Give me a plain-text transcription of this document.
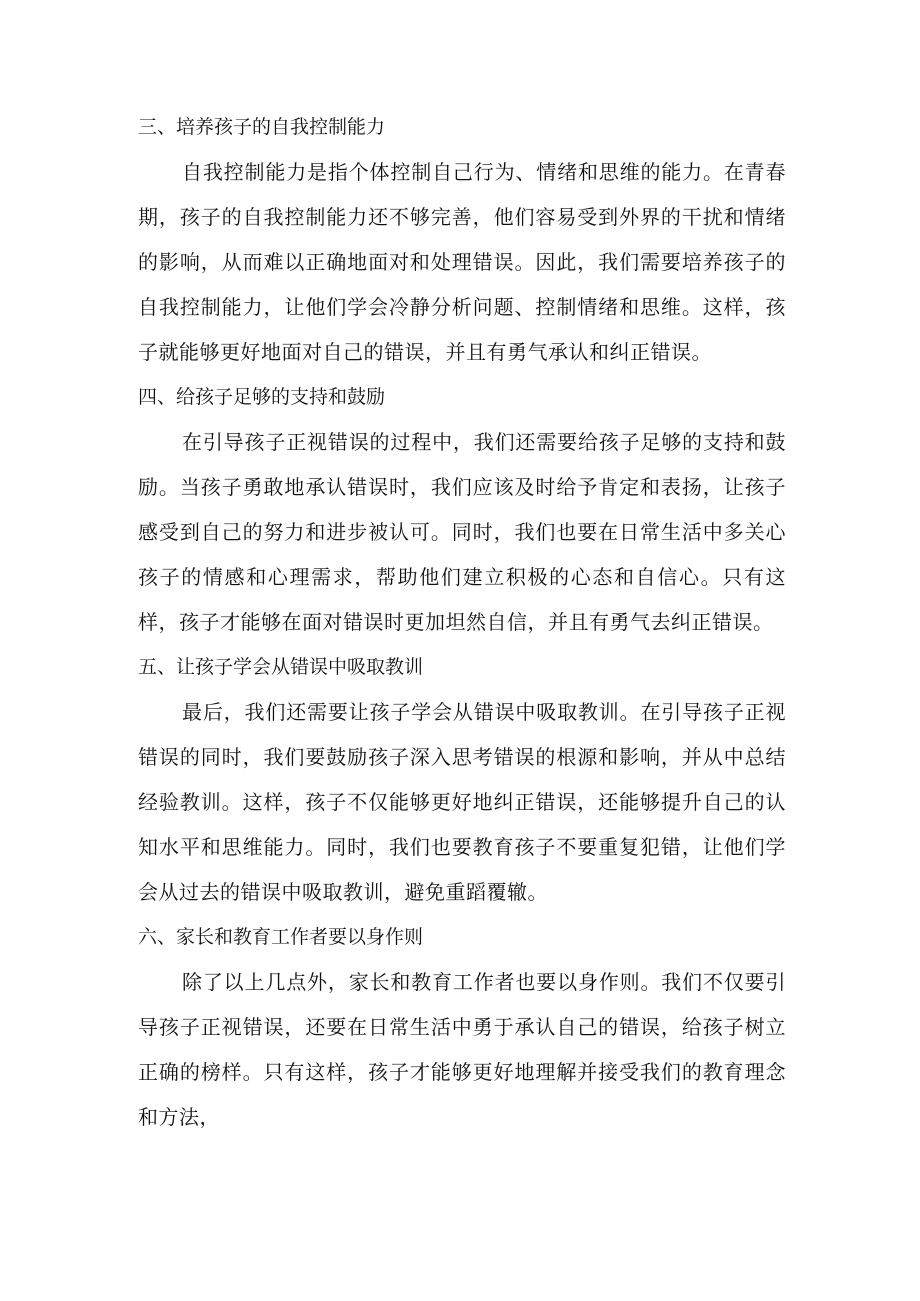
三、培养孩子的自我控制能力

自我控制能力是指个体控制自己行为、情绪和思维的能力。在青春期，孩子的自我控制能力还不够完善，他们容易受到外界的干扰和情绪的影响，从而难以正确地面对和处理错误。因此，我们需要培养孩子的自我控制能力，让他们学会冷静分析问题、控制情绪和思维。这样，孩子就能够更好地面对自己的错误，并且有勇气承认和纠正错误。

四、给孩子足够的支持和鼓励

在引导孩子正视错误的过程中，我们还需要给孩子足够的支持和鼓励。当孩子勇敢地承认错误时，我们应该及时给予肯定和表扬，让孩子感受到自己的努力和进步被认可。同时，我们也要在日常生活中多关心孩子的情感和心理需求，帮助他们建立积极的心态和自信心。只有这样，孩子才能够在面对错误时更加坦然自信，并且有勇气去纠正错误。

五、让孩子学会从错误中吸取教训

最后，我们还需要让孩子学会从错误中吸取教训。在引导孩子正视错误的同时，我们要鼓励孩子深入思考错误的根源和影响，并从中总结经验教训。这样，孩子不仅能够更好地纠正错误，还能够提升自己的认知水平和思维能力。同时，我们也要教育孩子不要重复犯错，让他们学会从过去的错误中吸取教训，避免重蹈覆辙。

六、家长和教育工作者要以身作则

除了以上几点外，家长和教育工作者也要以身作则。我们不仅要引导孩子正视错误，还要在日常生活中勇于承认自己的错误，给孩子树立正确的榜样。只有这样，孩子才能够更好地理解并接受我们的教育理念和方法，
